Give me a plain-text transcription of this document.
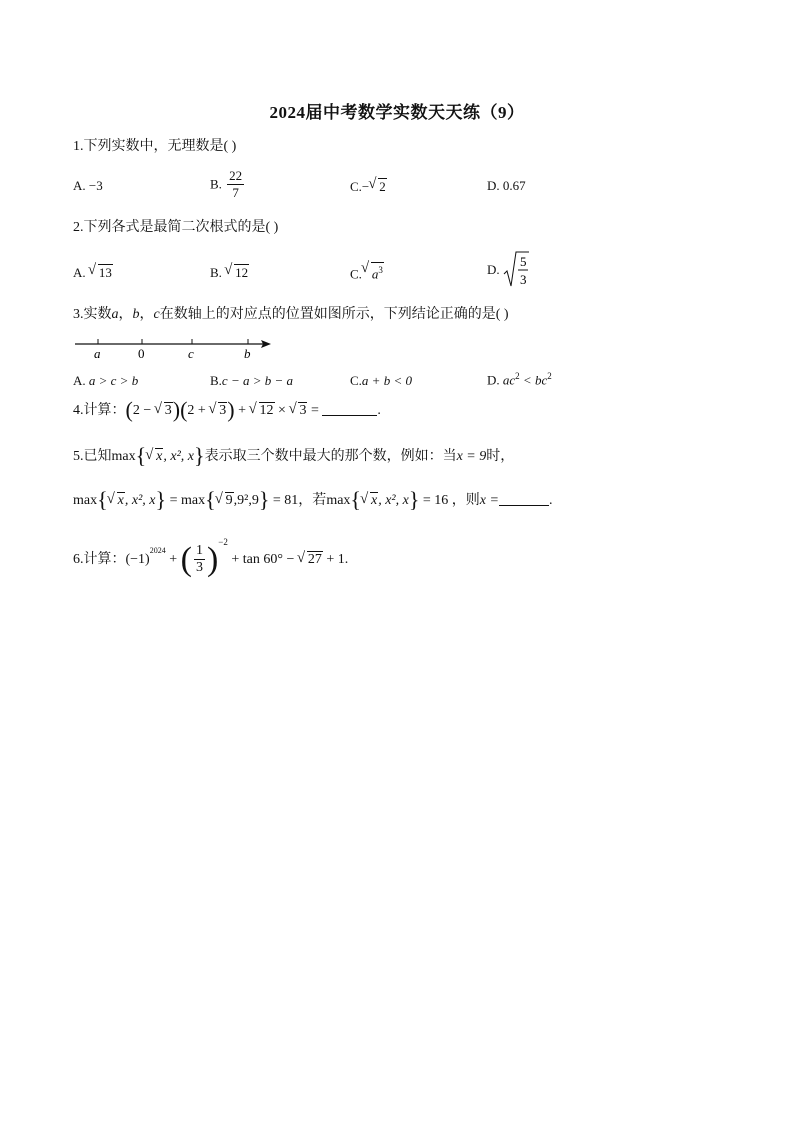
2024届中考数学实数天天练（9）
1.下列实数中，无理数是( )
A. −3	B. $\frac{22}{7}$	C.− √ 2	D. 0.67
2.下列各式是最简二次根式的是( )
A. √ 13	B. √ 12	C. √ $a^3$	D.
5
3
3.实数a，b，c在数轴上的对应点的位置如图所示，下列结论正确的是( )
a	0	c	b
A. a > c > b	B.c − a > b − a	C.a + b < 0	D. $ac^2 < bc^2$
4.计算：(2 − √ 3)(2 + √ 3) + √ 12 × √ 3 =	.
5.已知max{ √ x, x², x}表示取三个数中最大的那个数，例如：当x = 9时，
max{ √ x, x², x} = max{ √ 9,9²,9} = 81，若max{ √ x, x², x} = 16 ，则x =	.
6.计算：$(-1)^{2024}$ + ( $\frac{1}{3} )^{-2} + \tan 60^\circ$ − √ 27 + 1.
